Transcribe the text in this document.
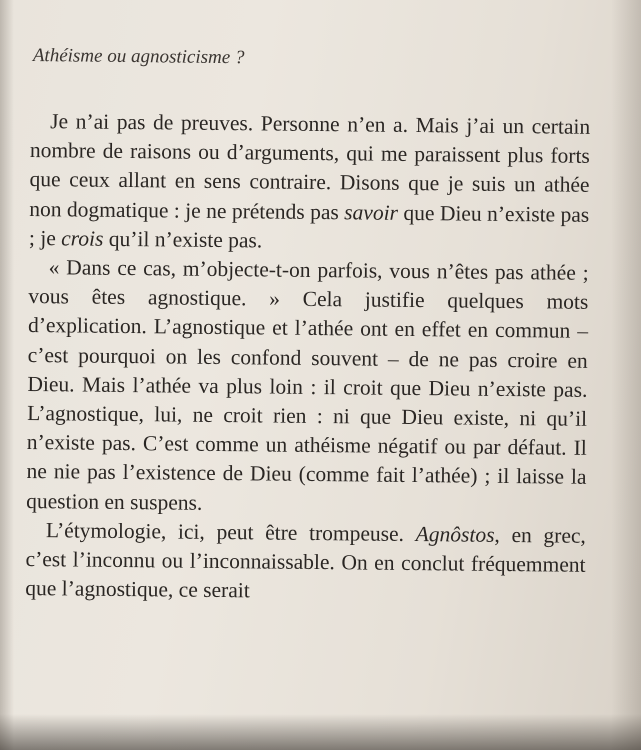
Athéisme ou agnosticisme ?

Je n’ai pas de preuves. Personne n’en a. Mais j’ai un certain nombre de raisons ou d’arguments, qui me paraissent plus forts que ceux allant en sens contraire. Disons que je suis un athée non dogmatique : je ne prétends pas savoir que Dieu n’existe pas ; je crois qu’il n’existe pas.

« Dans ce cas, m’objecte-t-on parfois, vous n’êtes pas athée ; vous êtes agnostique. » Cela justifie quelques mots d’explication. L’agnostique et l’athée ont en effet en commun – c’est pourquoi on les confond souvent – de ne pas croire en Dieu. Mais l’athée va plus loin : il croit que Dieu n’existe pas. L’agnostique, lui, ne croit rien : ni que Dieu existe, ni qu’il n’existe pas. C’est comme un athéisme négatif ou par défaut. Il ne nie pas l’existence de Dieu (comme fait l’athée) ; il laisse la question en suspens.

L’étymologie, ici, peut être trompeuse. Agnôstos, en grec, c’est l’inconnu ou l’inconnaissable. On en conclut fréquemment que l’agnostique, ce serait
